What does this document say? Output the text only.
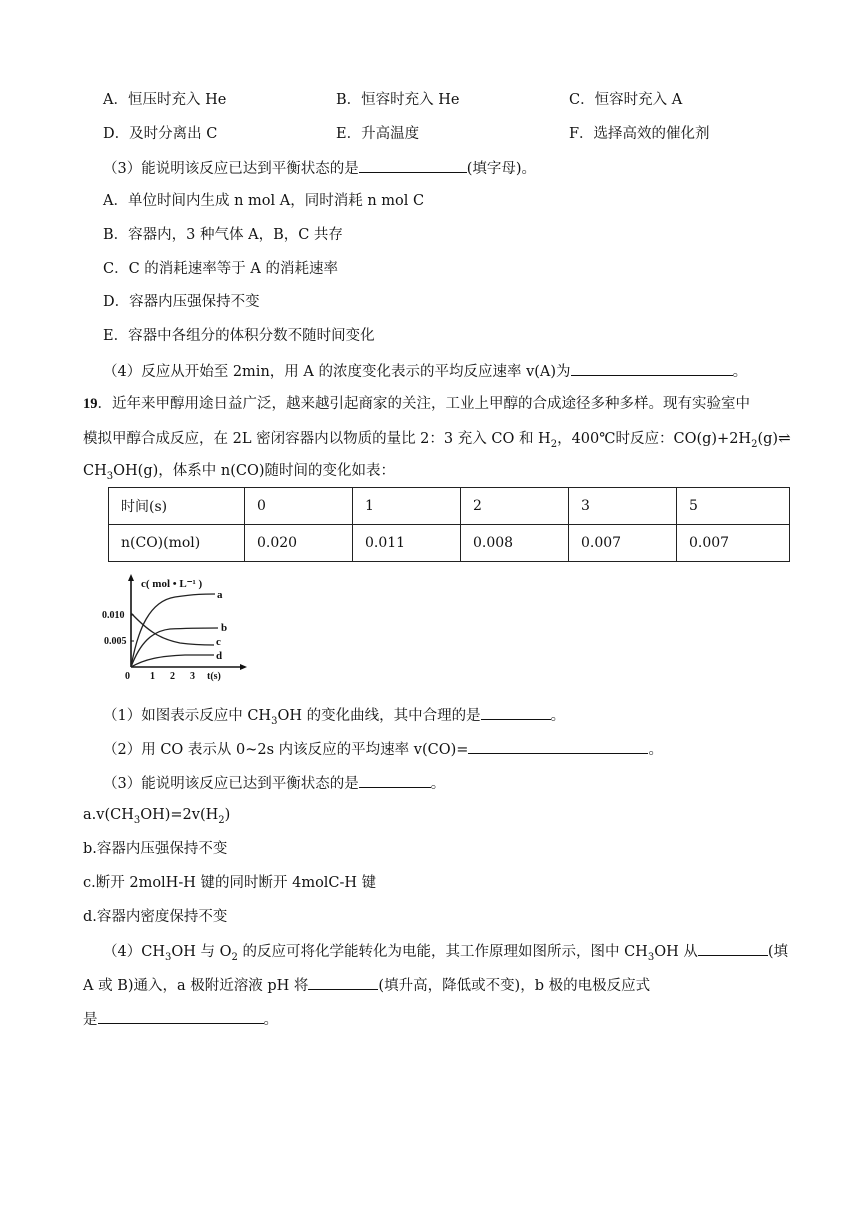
A．恒压时充入 He	B．恒容时充入 He	C．恒容时充入 A
D．及时分离出 C	E．升高温度	F．选择高效的催化剂
（3）能说明该反应已达到平衡状态的是	(填字母)。
A．单位时间内生成 n mol A，同时消耗 n mol C
B．容器内，3 种气体 A，B，C 共存
C．C 的消耗速率等于 A 的消耗速率
D．容器内压强保持不变
E．容器中各组分的体积分数不随时间变化
（4）反应从开始至 2min，用 A 的浓度变化表示的平均反应速率 v(A)为	。
19．近年来甲醇用途日益广泛，越来越引起商家的关注，工业上甲醇的合成途径多种多样。现有实验室中
模拟甲醇合成反应，在 2L 密闭容器内以物质的量比 2：3 充入 CO 和 $H_2$，400℃时反应：$CO(g)+2H_2(g)\rightleftharpoons$
$CH_3OH(g)$，体系中 n(CO)随时间的变化如表：
时间(s)	0	1	2	3	5
n(CO)(mol)	0.020	0.011	0.008	0.007	0.007
c( mol • L⁻¹ )
0.010
0.005
0 1 2 3 t(s)
a
b
c
d
（1）如图表示反应中 $CH_3OH$ 的变化曲线，其中合理的是	。
（2）用 CO 表示从 0~2s 内该反应的平均速率 v(CO)=	。
（3）能说明该反应已达到平衡状态的是	。
$a.v(CH_3OH)=2v(H_2)$
b.容器内压强保持不变
c.断开 2molH-H 键的同时断开 4molC-H 键
d.容器内密度保持不变
$(4)CH_3OH$ 与 $O_2$ 的反应可将化学能转化为电能，其工作原理如图所示，图中 $CH_3OH$ 从	(填
A 或 B)通入，a 极附近溶液 pH 将	(填升高，降低或不变)，b 极的电极反应式
是	。
